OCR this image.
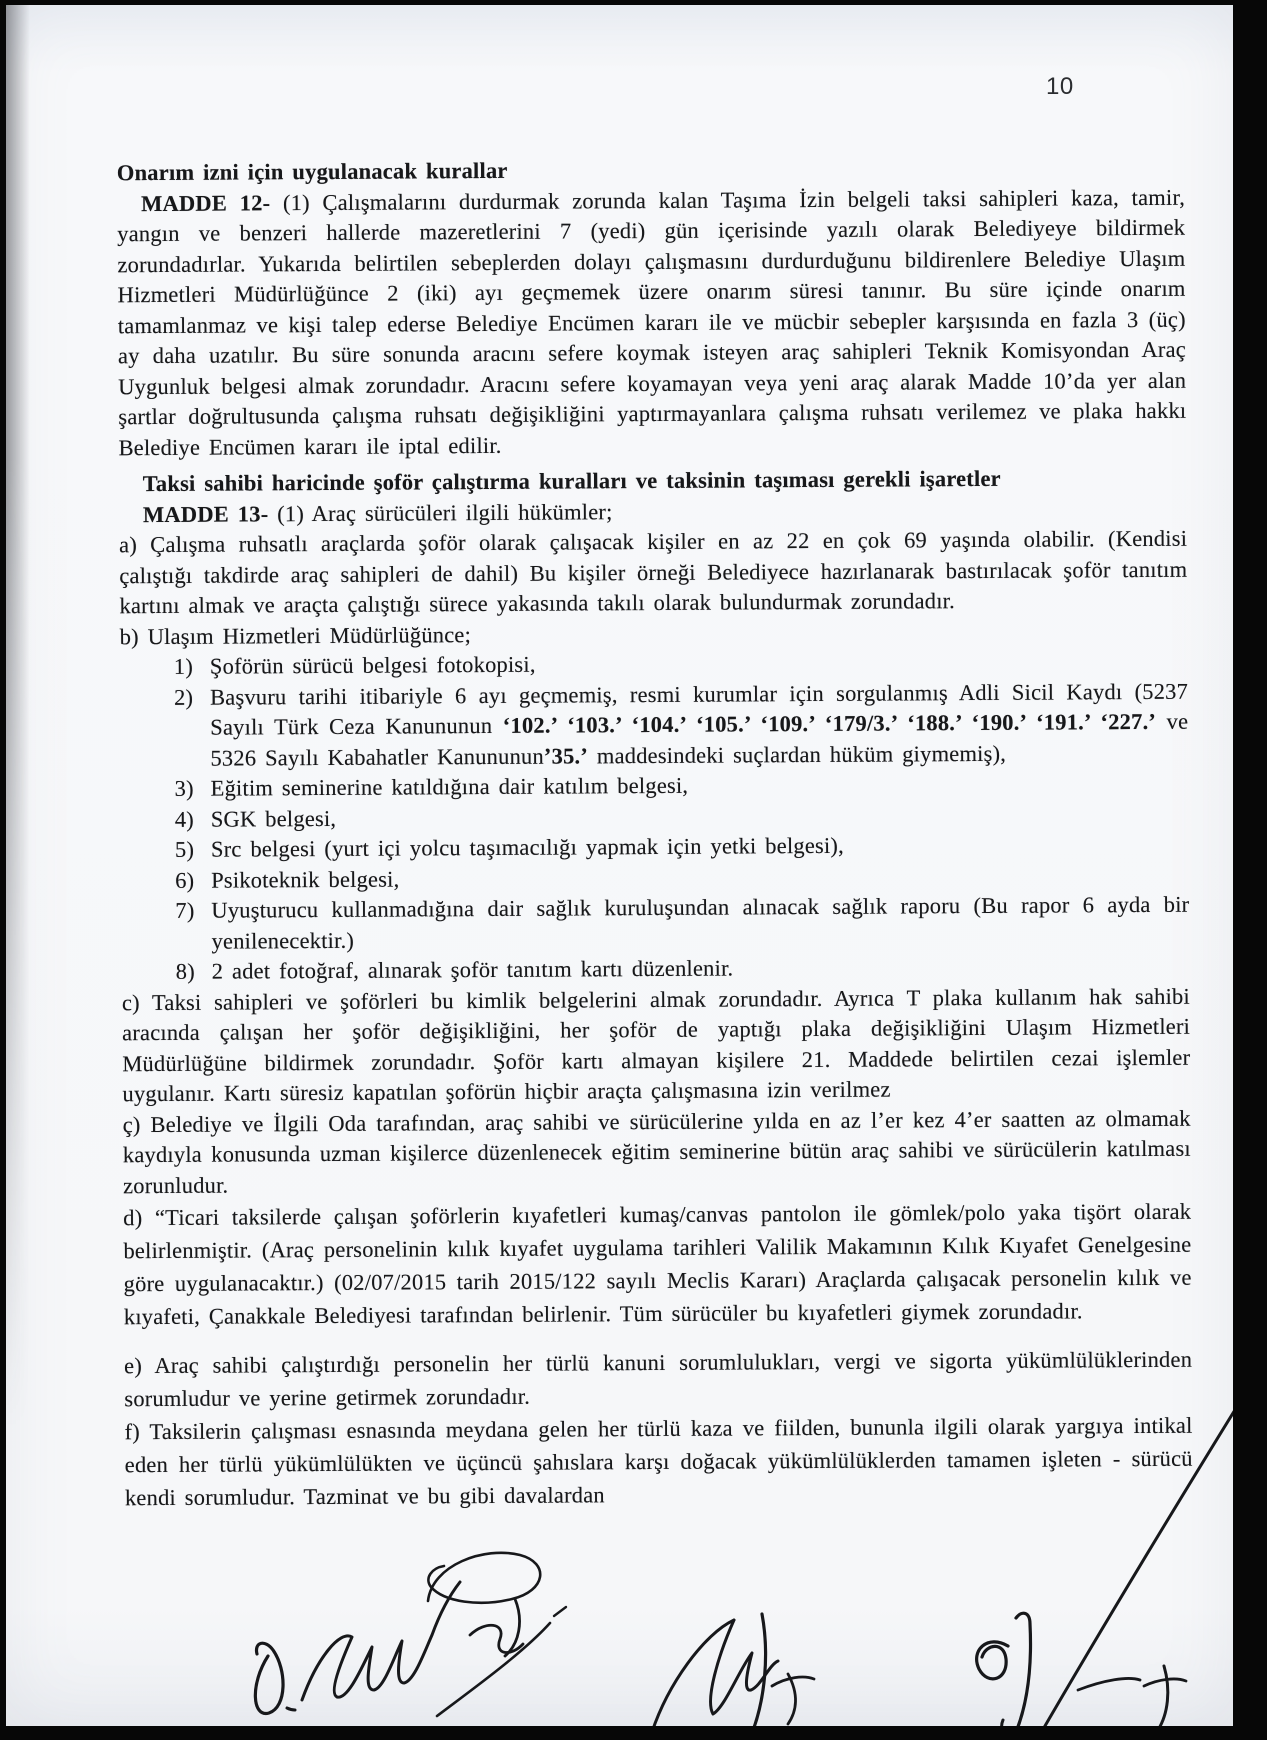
10

Onarım izni için uygulanacak kurallar

MADDE 12- (1) Çalışmalarını durdurmak zorunda kalan Taşıma İzin belgeli taksi sahipleri kaza, tamir, yangın ve benzeri hallerde mazeretlerini 7 (yedi) gün içerisinde yazılı olarak Belediyeye bildirmek zorundadırlar. Yukarıda belirtilen sebeplerden dolayı çalışmasını durdurduğunu bildirenlere Belediye Ulaşım Hizmetleri Müdürlüğünce 2 (iki) ayı geçmemek üzere onarım süresi tanınır. Bu süre içinde onarım tamamlanmaz ve kişi talep ederse Belediye Encümen kararı ile ve mücbir sebepler karşısında en fazla 3 (üç) ay daha uzatılır. Bu süre sonunda aracını sefere koymak isteyen araç sahipleri Teknik Komisyondan Araç Uygunluk belgesi almak zorundadır. Aracını sefere koyamayan veya yeni araç alarak Madde 10’da yer alan şartlar doğrultusunda çalışma ruhsatı değişikliğini yaptırmayanlara çalışma ruhsatı verilemez ve plaka hakkı Belediye Encümen kararı ile iptal edilir.

Taksi sahibi haricinde şoför çalıştırma kuralları ve taksinin taşıması gerekli işaretler

MADDE 13- (1) Araç sürücüleri ilgili hükümler;

a) Çalışma ruhsatlı araçlarda şoför olarak çalışacak kişiler en az 22 en çok 69 yaşında olabilir. (Kendisi çalıştığı takdirde araç sahipleri de dahil) Bu kişiler örneği Belediyece hazırlanarak bastırılacak şoför tanıtım kartını almak ve araçta çalıştığı sürece yakasında takılı olarak bulundurmak zorundadır.

b) Ulaşım Hizmetleri Müdürlüğünce;

1) Şoförün sürücü belgesi fotokopisi,
2) Başvuru tarihi itibariyle 6 ayı geçmemiş, resmi kurumlar için sorgulanmış Adli Sicil Kaydı (5237 Sayılı Türk Ceza Kanununun ‘102.’ ‘103.’ ‘104.’ ‘105.’ ‘109.’ ‘179/3.’ ‘188.’ ‘190.’ ‘191.’ ‘227.’ ve 5326 Sayılı Kabahatler Kanununun’35.’ maddesindeki suçlardan hüküm giymemiş),
3) Eğitim seminerine katıldığına dair katılım belgesi,
4) SGK belgesi,
5) Src belgesi (yurt içi yolcu taşımacılığı yapmak için yetki belgesi),
6) Psikoteknik belgesi,
7) Uyuşturucu kullanmadığına dair sağlık kuruluşundan alınacak sağlık raporu (Bu rapor 6 ayda bir yenilenecektir.)
8) 2 adet fotoğraf, alınarak şoför tanıtım kartı düzenlenir.

c) Taksi sahipleri ve şoförleri bu kimlik belgelerini almak zorundadır. Ayrıca T plaka kullanım hak sahibi aracında çalışan her şoför değişikliğini, her şoför de yaptığı plaka değişikliğini Ulaşım Hizmetleri Müdürlüğüne bildirmek zorundadır. Şoför kartı almayan kişilere 21. Maddede belirtilen cezai işlemler uygulanır. Kartı süresiz kapatılan şoförün hiçbir araçta çalışmasına izin verilmez

ç) Belediye ve İlgili Oda tarafından, araç sahibi ve sürücülerine yılda en az l’er kez 4’er saatten az olmamak kaydıyla konusunda uzman kişilerce düzenlenecek eğitim seminerine bütün araç sahibi ve sürücülerin katılması zorunludur.

d) “Ticari taksilerde çalışan şoförlerin kıyafetleri kumaş/canvas pantolon ile gömlek/polo yaka tişört olarak belirlenmiştir. (Araç personelinin kılık kıyafet uygulama tarihleri Valilik Makamının Kılık Kıyafet Genelgesine göre uygulanacaktır.) (02/07/2015 tarih 2015/122 sayılı Meclis Kararı) Araçlarda çalışacak personelin kılık ve kıyafeti, Çanakkale Belediyesi tarafından belirlenir. Tüm sürücüler bu kıyafetleri giymek zorundadır.

e) Araç sahibi çalıştırdığı personelin her türlü kanuni sorumlulukları, vergi ve sigorta yükümlülüklerinden sorumludur ve yerine getirmek zorundadır.

f) Taksilerin çalışması esnasında meydana gelen her türlü kaza ve fiilden, bununla ilgili olarak yargıya intikal eden her türlü yükümlülükten ve üçüncü şahıslara karşı doğacak yükümlülüklerden tamamen işleten - sürücü kendi sorumludur. Tazminat ve bu gibi davalardan
